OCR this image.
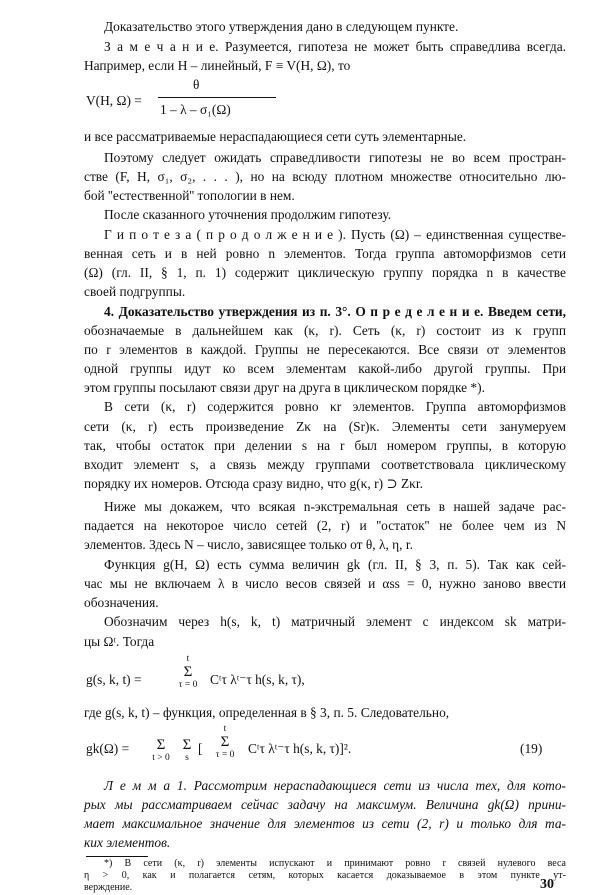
Доказательство этого утверждения дано в следующем пункте.
З а м е ч а н и е. Разумеется, гипотеза не может быть справедлива всегда.
Например, если H – линейный, F ≡ V(H, Ω), то
V(H, Ω) =
θ
1 – λ – σ₁(Ω)
и все рассматриваемые нераспадающиеся сети суть элементарные.
Поэтому следует ожидать справедливости гипотезы не во всем простран-
стве (F, H, σ₁, σ₂, . . . ), но на всюду плотном множестве относительно лю-
бой ''естественной'' топологии в нем.
После сказанного уточнения продолжим гипотезу.
Г и п о т е з а ( п р о д о л ж е н и е ). Пусть (Ω) – единственная существе-
венная сеть и в ней ровно n элементов. Тогда группа автоморфизмов сети
(Ω) (гл. II, § 1, п. 1) содержит циклическую группу порядка n в качестве
своей подгруппы.
4. Доказательство утверждения из п. 3°. О п р е д е л е н и е. Введем сети,
обозначаемые в дальнейшем как (κ, r). Сеть (κ, r) состоит из κ групп
по r элементов в каждой. Группы не пересекаются. Все связи от элементов
одной группы идут ко всем элементам какой-либо другой группы. При
этом группы посылают связи друг на друга в циклическом порядке *).
В сети (κ, r) содержится ровно κr элементов. Группа автоморфизмов
сети (κ, r) есть произведение Zκ на (Sr)κ. Элементы сети занумеруем
так, чтобы остаток при делении s на r был номером группы, в которую
входит элемент s, а связь между группами соответствовала циклическому
порядку их номеров. Отсюда сразу видно, что g(κ, r) ⊃ Zκr.
Ниже мы докажем, что всякая n-экстремальная сеть в нашей задаче рас-
падается на некоторое число сетей (2, r) и ''остаток'' не более чем из N
элементов. Здесь N – число, зависящее только от θ, λ, η, r.
Функция g(H, Ω) есть сумма величин gk (гл. II, § 3, п. 5). Так как сей-
час мы не включаем λ в число весов связей и αss = 0, нужно заново ввести
обозначения.
Обозначим через h(s, k, t) матричный элемент с индексом sk матри-
цы Ωᵗ. Тогда
g(s, k, t) =
t
Σ
τ = 0 Cᵗτ λᵗ⁻τ h(s, k, τ),
где g(s, k, t) – функция, определенная в § 3, п. 5. Следовательно,
gk(Ω) =	Σ
t > 0
Σ
s
[
t
Σ
τ = 0	Cᵗτ λᵗ⁻τ h(s, k, τ)]².	(19)
Л е м м а 1. Рассмотрим нераспадающиеся сети из числа тех, для кото-
рых мы рассматриваем сейчас задачу на максимум. Величина gk(Ω) прини-
мает максимальное значение для элементов из сети (2, r) и только для та-
ких элементов.
*) В сети (κ, r) элементы испускают и принимают ровно r связей нулевого веса
η > 0, как и полагается сетям, которых касается доказываемое в этом пункте ут-
верждение.	30
